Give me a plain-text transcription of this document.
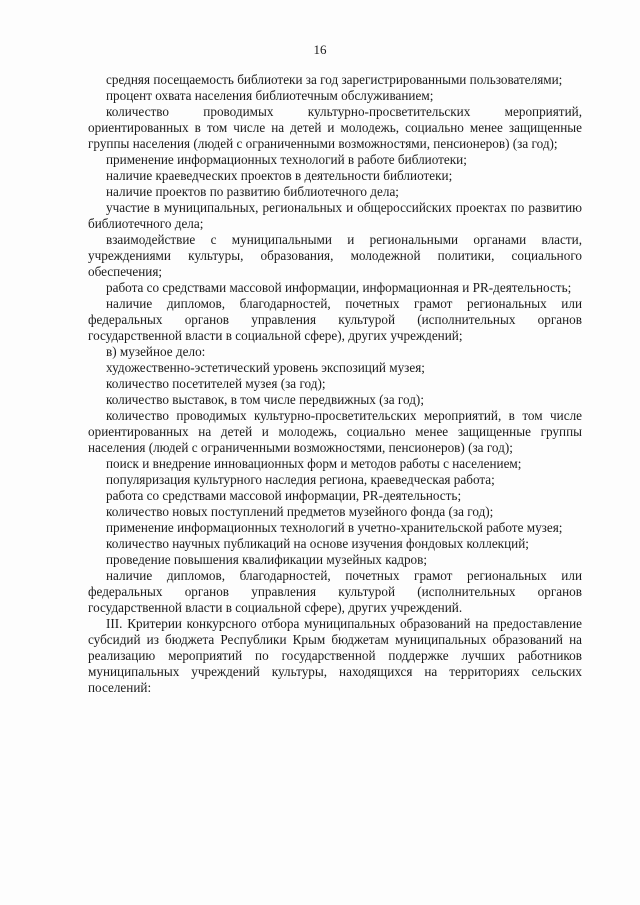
16

средняя посещаемость библиотеки за год зарегистрированными пользователями;

процент охвата населения библиотечным обслуживанием;

количество проводимых культурно-просветительских мероприятий, ориентированных в том числе на детей и молодежь, социально менее защищенные группы населения (людей с ограниченными возможностями, пенсионеров) (за год);

применение информационных технологий в работе библиотеки;

наличие краеведческих проектов в деятельности библиотеки;

наличие проектов по развитию библиотечного дела;

участие в муниципальных, региональных и общероссийских проектах по развитию библиотечного дела;

взаимодействие с муниципальными и региональными органами власти, учреждениями культуры, образования, молодежной политики, социального обеспечения;

работа со средствами массовой информации, информационная и PR-деятельность;

наличие дипломов, благодарностей, почетных грамот региональных или федеральных органов управления культурой (исполнительных органов государственной власти в социальной сфере), других учреждений;

в) музейное дело:

художественно-эстетический уровень экспозиций музея;

количество посетителей музея (за год);

количество выставок, в том числе передвижных (за год);

количество проводимых культурно-просветительских мероприятий, в том числе ориентированных на детей и молодежь, социально менее защищенные группы населения (людей с ограниченными возможностями, пенсионеров) (за год);

поиск и внедрение инновационных форм и методов работы с населением;

популяризация культурного наследия региона, краеведческая работа;

работа со средствами массовой информации, PR-деятельность;

количество новых поступлений предметов музейного фонда (за год);

применение информационных технологий в учетно-хранительской работе музея;

количество научных публикаций на основе изучения фондовых коллекций;

проведение повышения квалификации музейных кадров;

наличие дипломов, благодарностей, почетных грамот региональных или федеральных органов управления культурой (исполнительных органов государственной власти в социальной сфере), других учреждений.

III. Критерии конкурсного отбора муниципальных образований на предоставление субсидий из бюджета Республики Крым бюджетам муниципальных образований на реализацию мероприятий по государственной поддержке лучших работников муниципальных учреждений культуры, находящихся на территориях сельских поселений:
